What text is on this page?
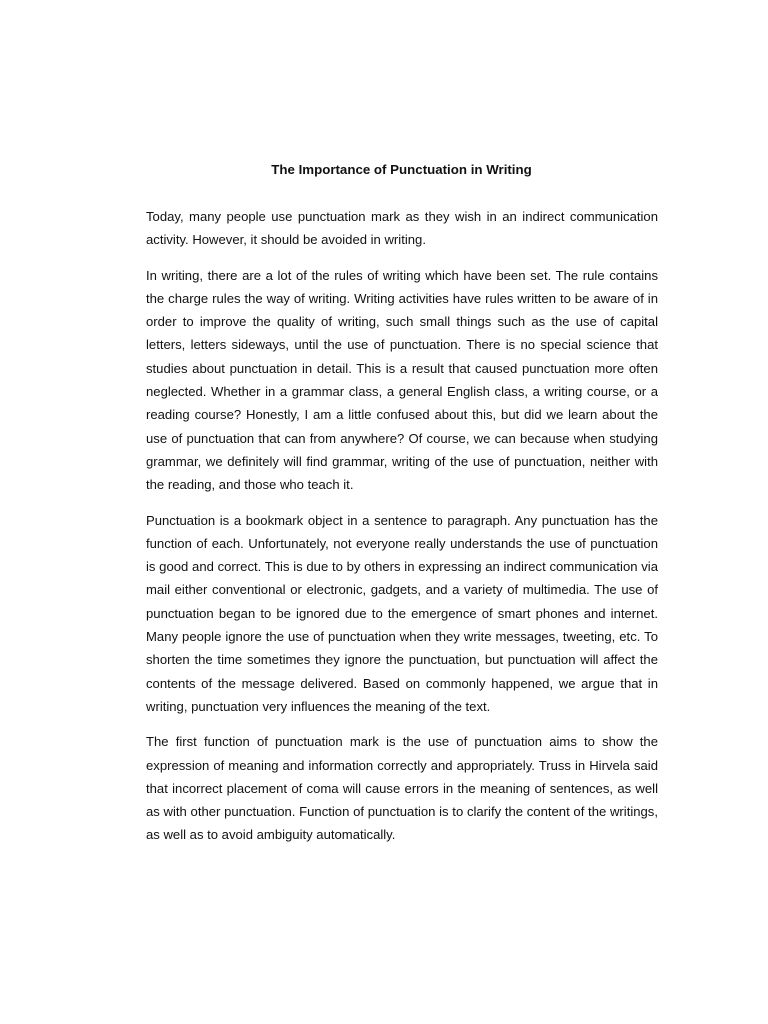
The Importance of Punctuation in Writing

Today, many people use punctuation mark as they wish in an indirect communication activity. However, it should be avoided in writing.

In writing, there are a lot of the rules of writing which have been set. The rule contains the charge rules the way of writing. Writing activities have rules written to be aware of in order to improve the quality of writing, such small things such as the use of capital letters, letters sideways, until the use of punctuation. There is no special science that studies about punctuation in detail. This is a result that caused punctuation more often neglected. Whether in a grammar class, a general English class, a writing course, or a reading course? Honestly, I am a little confused about this, but did we learn about the use of punctuation that can from anywhere? Of course, we can because when studying grammar, we definitely will find grammar, writing of the use of punctuation, neither with the reading, and those who teach it.

Punctuation is a bookmark object in a sentence to paragraph. Any punctuation has the function of each. Unfortunately, not everyone really understands the use of punctuation is good and correct. This is due to by others in expressing an indirect communication via mail either conventional or electronic, gadgets, and a variety of multimedia. The use of punctuation began to be ignored due to the emergence of smart phones and internet. Many people ignore the use of punctuation when they write messages, tweeting, etc. To shorten the time sometimes they ignore the punctuation, but punctuation will affect the contents of the message delivered. Based on commonly happened, we argue that in writing, punctuation very influences the meaning of the text.

The first function of punctuation mark is the use of punctuation aims to show the expression of meaning and information correctly and appropriately. Truss in Hirvela said that incorrect placement of coma will cause errors in the meaning of sentences, as well as with other punctuation. Function of punctuation is to clarify the content of the writings, as well as to avoid ambiguity automatically.
